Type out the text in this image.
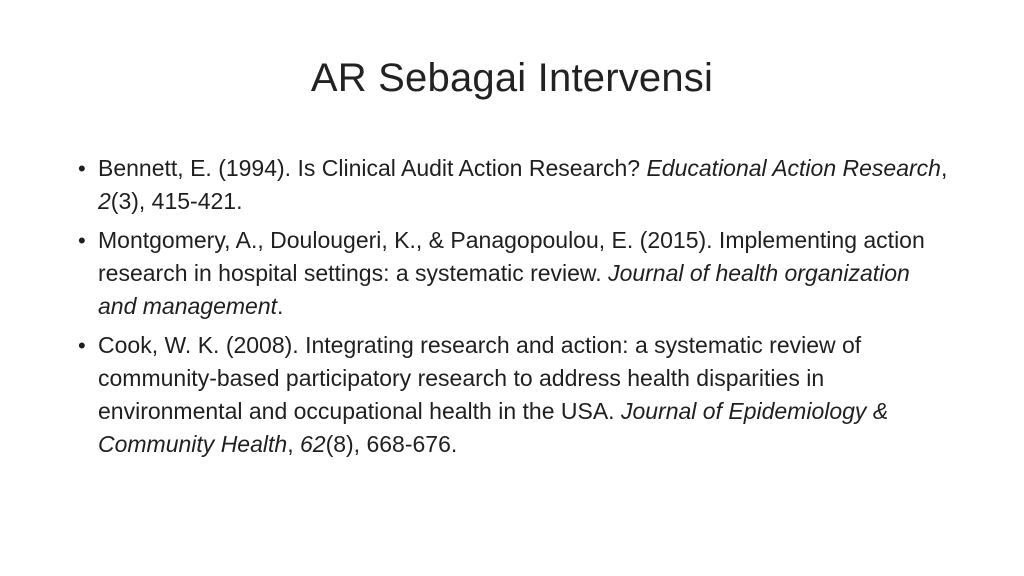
AR Sebagai Intervensi
• Bennett, E. (1994). Is Clinical Audit Action Research? Educational Action Research, 2(3), 415-421.
• Montgomery, A., Doulougeri, K., & Panagopoulou, E. (2015). Implementing action research in hospital settings: a systematic review. Journal of health organization and management.
• Cook, W. K. (2008). Integrating research and action: a systematic review of community-based participatory research to address health disparities in environmental and occupational health in the USA. Journal of Epidemiology & Community Health, 62(8), 668-676.
